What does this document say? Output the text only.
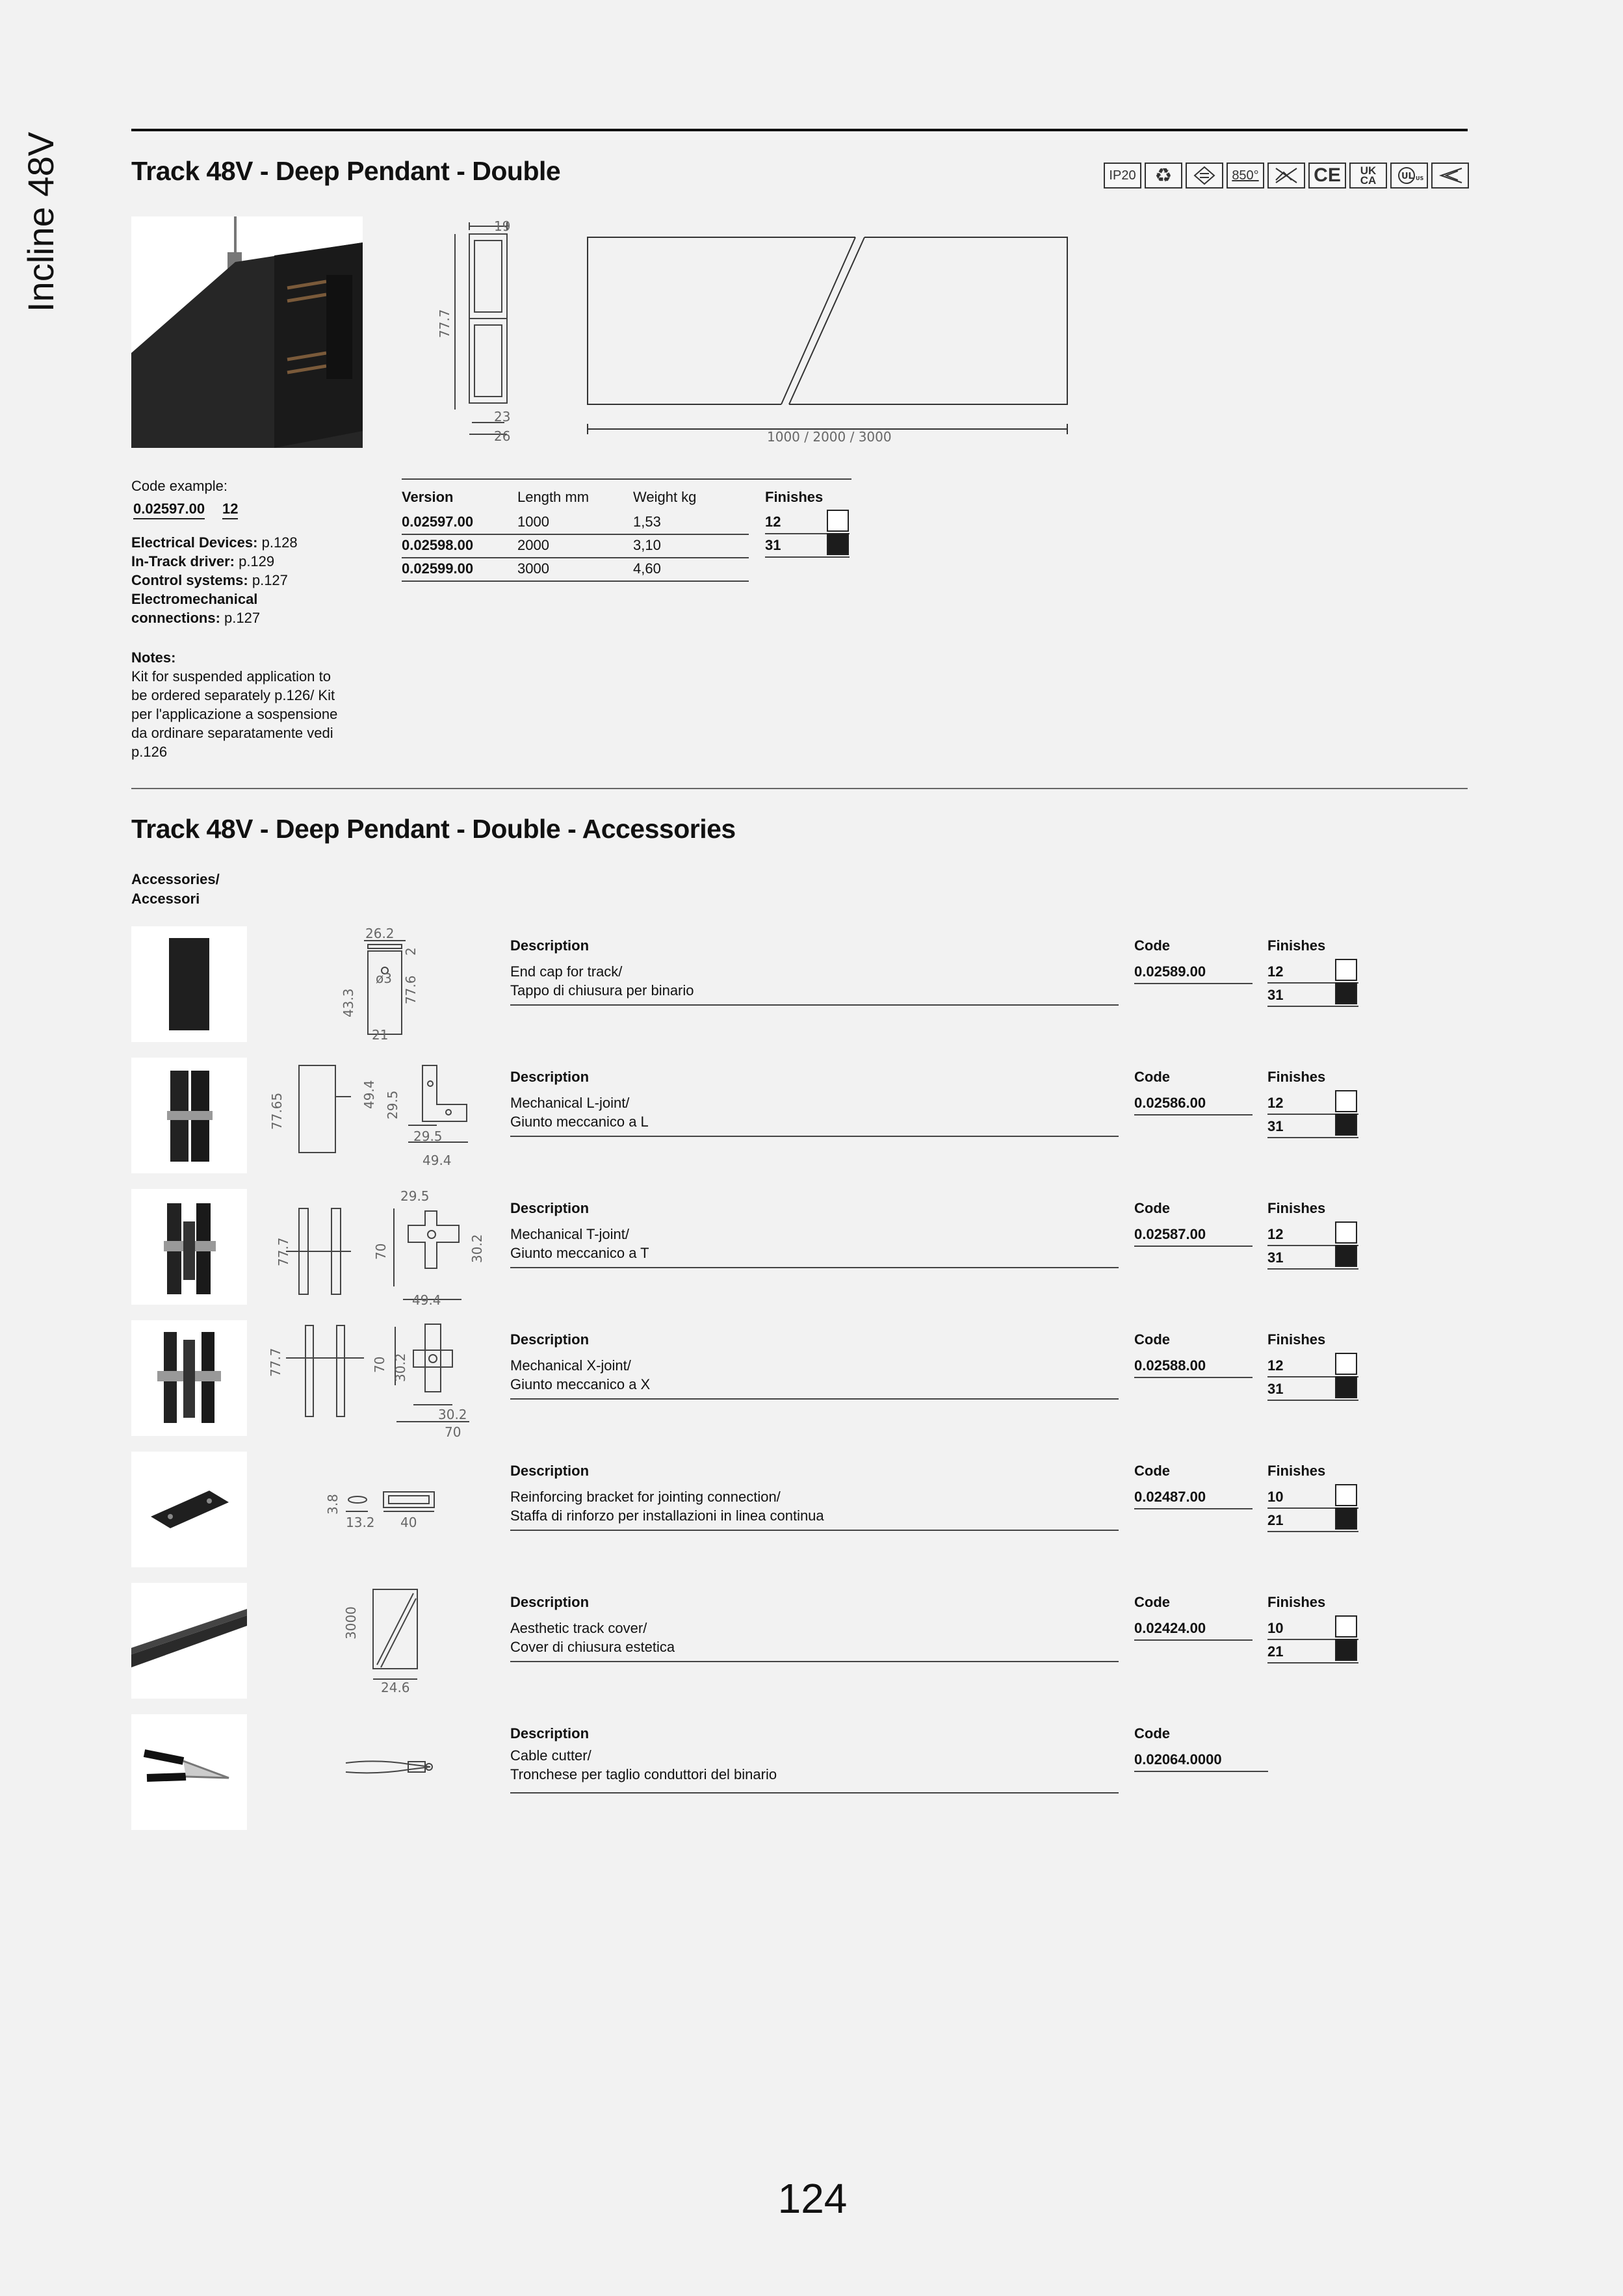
Incline 48V	Track 48V - Deep Pendant - Double	IP20 ♻	850°	CE	UK
CA	UL US
19
77.7
23
26	1000 / 2000 / 3000
Code example:
0.02597.00 12
Electrical Devices: p.128
In-Track driver: p.129
Control systems: p.127
Electromechanical
connections: p.127
Notes:
Kit for suspended application to
be ordered separately p.126/ Kit
per l'applicazione a sospensione
da ordinare separatamente vedi
p.126
Version	Length mm	Weight kg	Finishes
0.02597.00	1000	1,53
0.02598.00	2000	3,10
0.02599.00	3000	4,60
12
31
Track 48V - Deep Pendant - Double - Accessories
Accessories/
Accessori
26.2
2
ø3
43.3	77.6
21
Description
End cap for track/
Tappo di chiusura per binario
Code
0.02589.00
Finishes
12
31
77.65	49.4 29.5
29.5
49.4
Description
Mechanical L-joint/
Giunto meccanico a L
Code
0.02586.00
Finishes
12
31
77.7
29.5
70	30.2
49.4
Description
Mechanical T-joint/
Giunto meccanico a T
Code
0.02587.00
Finishes
12
31
77.7	70 30.2
30.2
70
Description
Mechanical X-joint/
Giunto meccanico a X
Code
0.02588.00
Finishes
12
31
3.8
13.2 40
Description
Reinforcing bracket for jointing connection/
Staffa di rinforzo per installazioni in linea continua
Code
0.02487.00
Finishes
10
21
3000
24.6
Description
Aesthetic track cover/
Cover di chiusura estetica
Code
0.02424.00
Finishes
10
21
Description
Cable cutter/
Tronchese per taglio conduttori del binario
Code
0.02064.0000
124
